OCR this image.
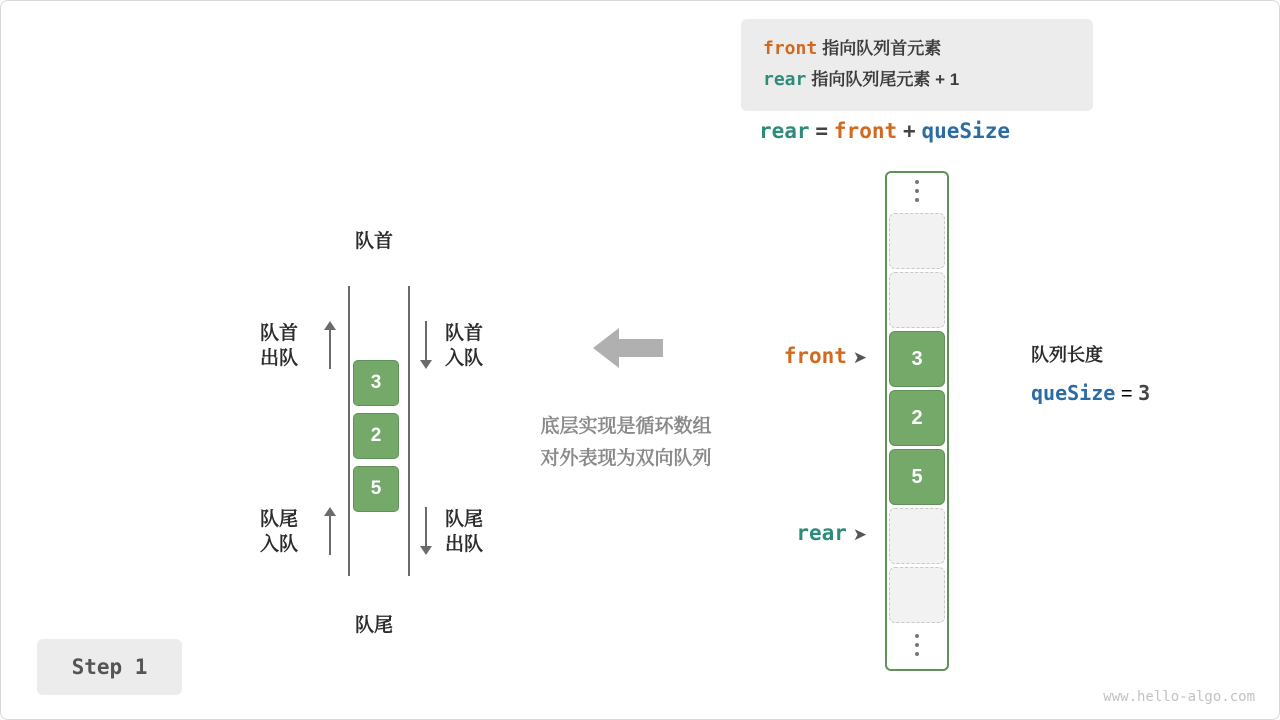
front 指向队列首元素
rear 指向队列尾元素 + 1
rear = front + queSize
队首
队尾
3
2
5
队首
出队
队首
入队
队尾
入队
队尾
出队
底层实现是循环数组
对外表现为双向队列
3
2
5
front ➤
rear ➤
队列长度
queSize = 3
Step 1
www.hello-algo.com
